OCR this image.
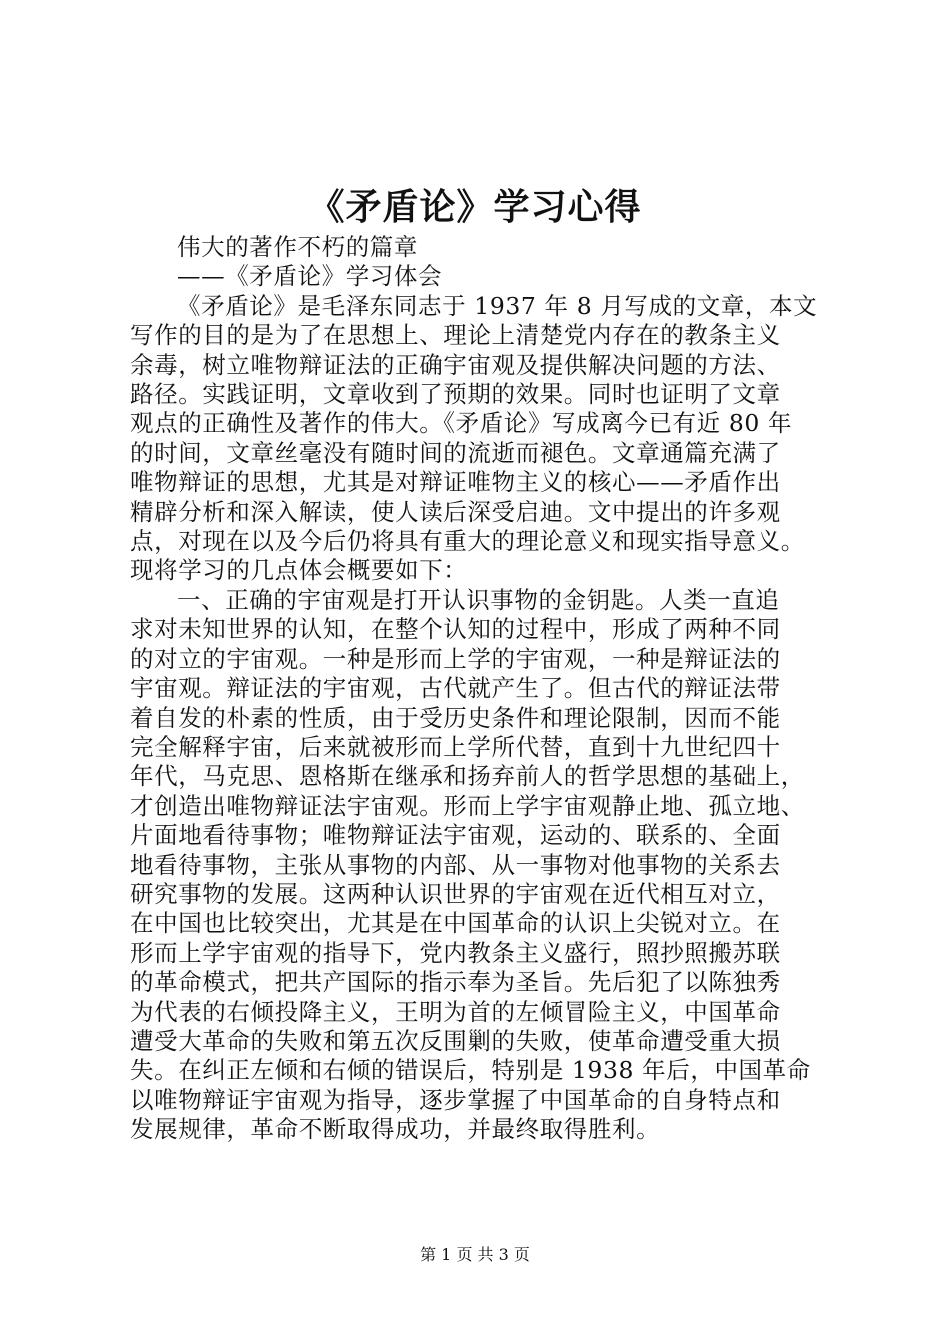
《矛盾论》学习心得
伟大的著作不朽的篇章
——《矛盾论》学习体会
《矛盾论》是毛泽东同志于 1937 年 8 月写成的文章，本文
写作的目的是为了在思想上、理论上清楚党内存在的教条主义
余毒，树立唯物辩证法的正确宇宙观及提供解决问题的方法、
路径。实践证明，文章收到了预期的效果。同时也证明了文章
观点的正确性及著作的伟大。《矛盾论》写成离今已有近 80 年
的时间，文章丝毫没有随时间的流逝而褪色。文章通篇充满了
唯物辩证的思想，尤其是对辩证唯物主义的核心——矛盾作出
精辟分析和深入解读，使人读后深受启迪。文中提出的许多观
点，对现在以及今后仍将具有重大的理论意义和现实指导意义。
现将学习的几点体会概要如下：
一、正确的宇宙观是打开认识事物的金钥匙。人类一直追
求对未知世界的认知，在整个认知的过程中，形成了两种不同
的对立的宇宙观。一种是形而上学的宇宙观，一种是辩证法的
宇宙观。辩证法的宇宙观，古代就产生了。但古代的辩证法带
着自发的朴素的性质，由于受历史条件和理论限制，因而不能
完全解释宇宙，后来就被形而上学所代替，直到十九世纪四十
年代，马克思、恩格斯在继承和扬弃前人的哲学思想的基础上，
才创造出唯物辩证法宇宙观。形而上学宇宙观静止地、孤立地、
片面地看待事物；唯物辩证法宇宙观，运动的、联系的、全面
地看待事物，主张从事物的内部、从一事物对他事物的关系去
研究事物的发展。这两种认识世界的宇宙观在近代相互对立，
在中国也比较突出，尤其是在中国革命的认识上尖锐对立。在
形而上学宇宙观的指导下，党内教条主义盛行，照抄照搬苏联
的革命模式，把共产国际的指示奉为圣旨。先后犯了以陈独秀
为代表的右倾投降主义，王明为首的左倾冒险主义，中国革命
遭受大革命的失败和第五次反围剿的失败，使革命遭受重大损
失。在纠正左倾和右倾的错误后，特别是 1938 年后，中国革命
以唯物辩证宇宙观为指导，逐步掌握了中国革命的自身特点和
发展规律，革命不断取得成功，并最终取得胜利。
第 1 页 共 3 页
